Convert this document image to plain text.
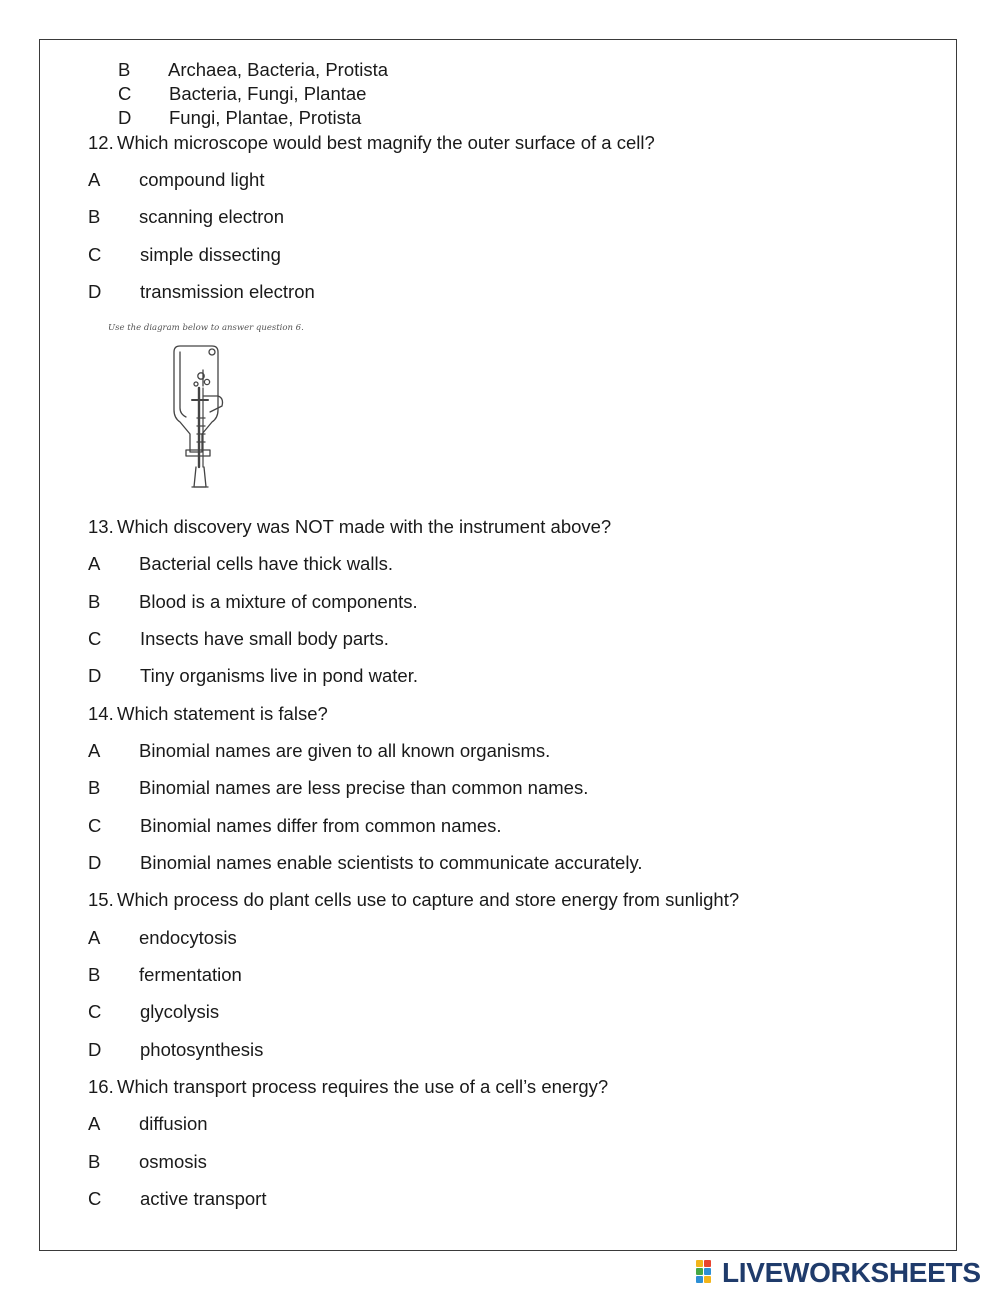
B Archaea, Bacteria, Protista
C Bacteria, Fungi, Plantae
D Fungi, Plantae, Protista
12. Which microscope would best magnify the outer surface of a cell?
A compound light
B scanning electron
C simple dissecting
D transmission electron
Use the diagram below to answer question 6.
13. Which discovery was NOT made with the instrument above?
A Bacterial cells have thick walls.
B Blood is a mixture of components.
C Insects have small body parts.
D Tiny organisms live in pond water.
14. Which statement is false?
A Binomial names are given to all known organisms.
B Binomial names are less precise than common names.
C Binomial names differ from common names.
D Binomial names enable scientists to communicate accurately.
15. Which process do plant cells use to capture and store energy from sunlight?
A endocytosis
B fermentation
C glycolysis
D photosynthesis
16. Which transport process requires the use of a cell’s energy?
A diffusion
B osmosis
C active transport
LIVEWORKSHEETS
